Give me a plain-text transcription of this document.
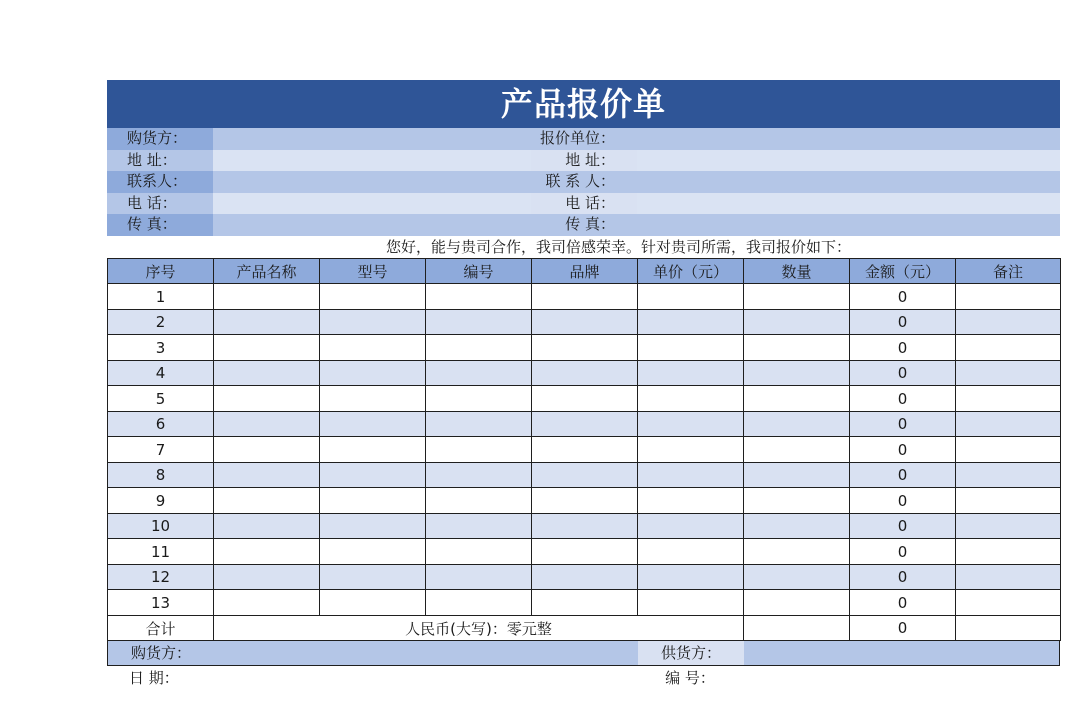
产品报价单
购货方：	报价单位：
地 址：	地 址：
联系人：	联 系 人：
电 话：	电 话：
传 真：	传 真：
您好，能与贵司合作，我司倍感荣幸。针对贵司所需，我司报价如下：
序号	产品名称	型号	编号	品牌	单价（元）	数量	金额（元）	备注
1							0	
2							0	
3							0	
4							0	
5							0	
6							0	
7							0	
8							0	
9							0	
10							0	
11							0	
12							0	
13							0	
合计	人民币(大写)：零元整						0	
购货方：	供货方：
日 期：	编 号：
